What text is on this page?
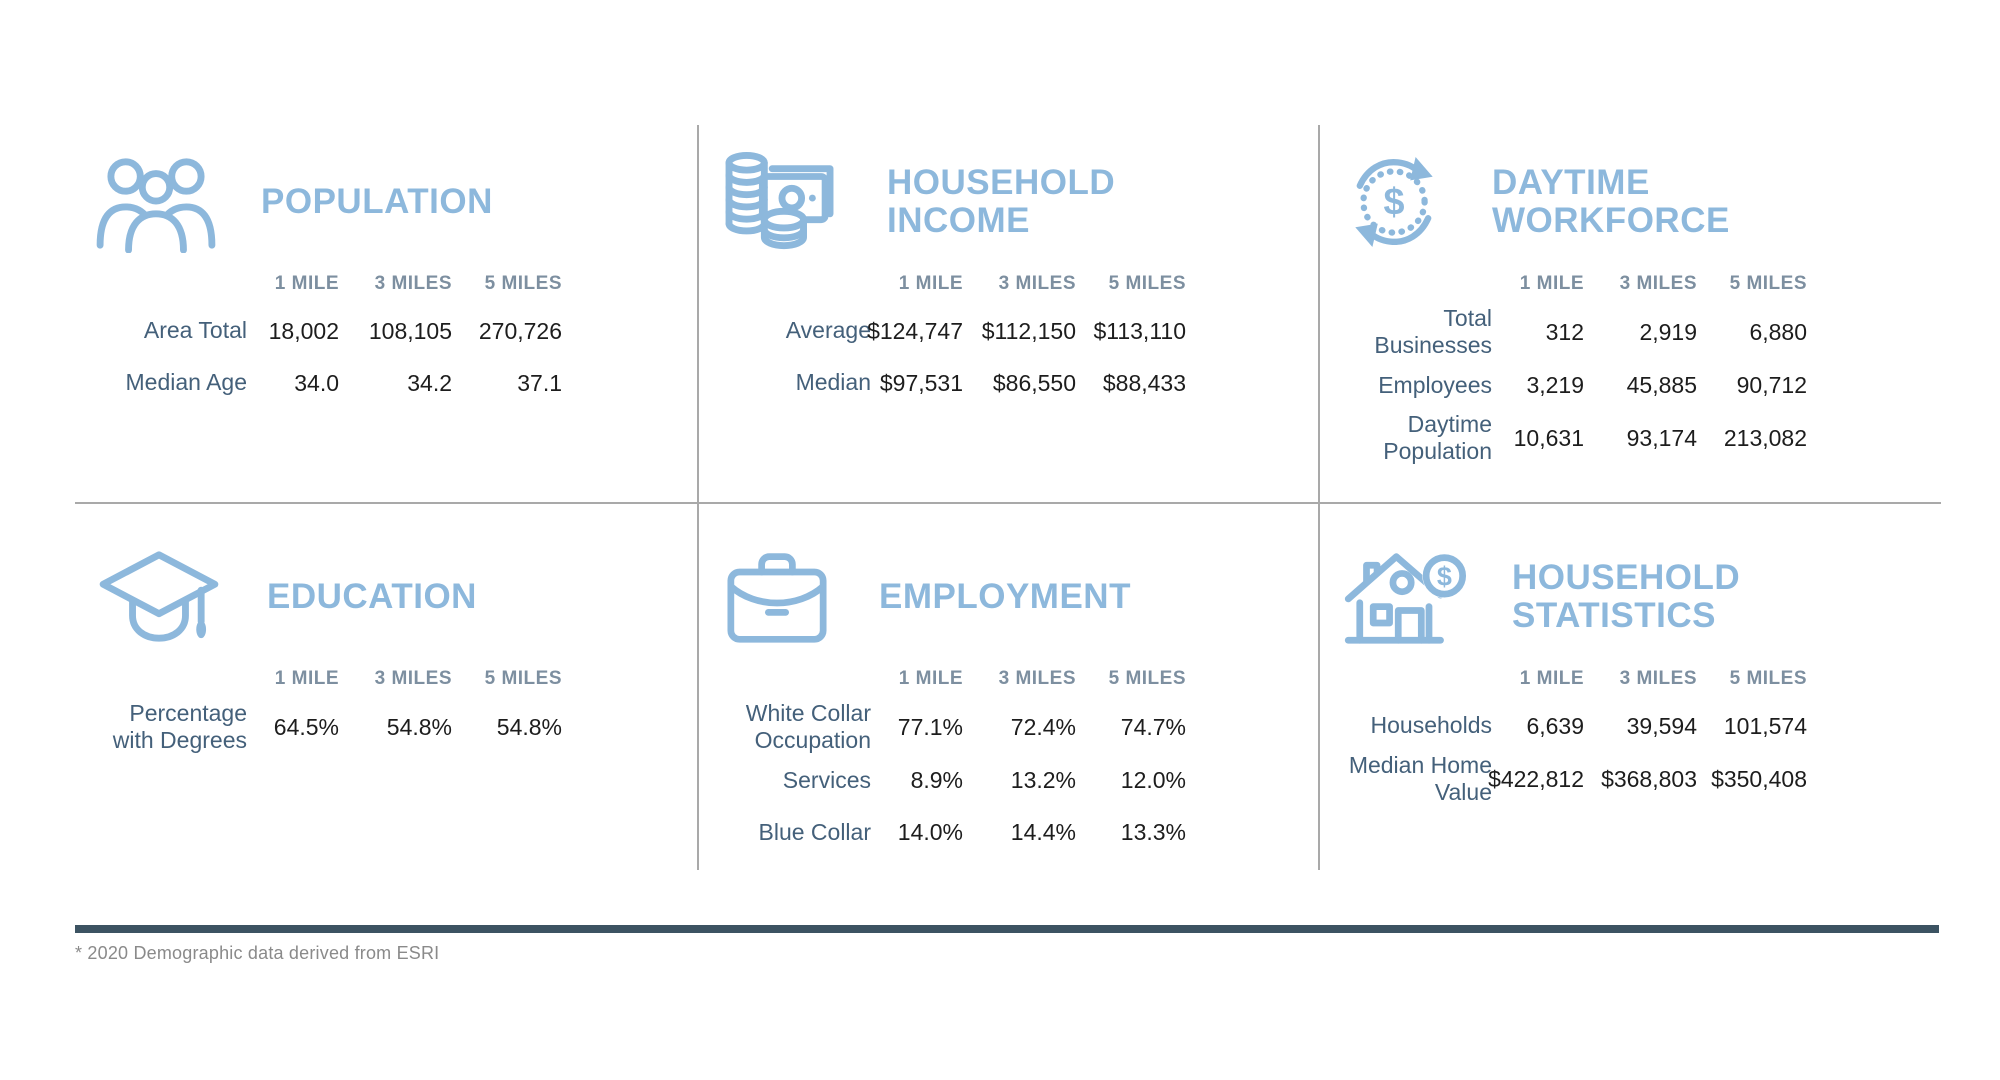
POPULATION
1 MILE	3 MILES	5 MILES
Area Total 18,002	108,105	270,726
Median Age	34.0	34.2	37.1
HOUSEHOLD INCOME
1 MILE	3 MILES	5 MILES
Average
$124,747 $112,150 $113,110
Median $97,531	$86,550	$88,433
$ DAYTIME WORKFORCE
1 MILE	3 MILES	5 MILES
Total Businesses
312	2,919	6,880
Employees	3,219	45,885	90,712
Daytime Population
10,631	93,174	213,082
EDUCATION
1 MILE	3 MILES	5 MILES
Percentage with Degrees
64.5%	54.8%	54.8%
EMPLOYMENT
1 MILE	3 MILES	5 MILES
White Collar Occupation
77.1%	72.4%	74.7%
Services	8.9%	13.2%	12.0%
Blue Collar	14.0%	14.4%	13.3%
$ HOUSEHOLD STATISTICS
1 MILE	3 MILES	5 MILES
Households	6,639	39,594	101,574
Median Home Value
$422,812 $368,803 $350,408
* 2020 Demographic data derived from ESRI
